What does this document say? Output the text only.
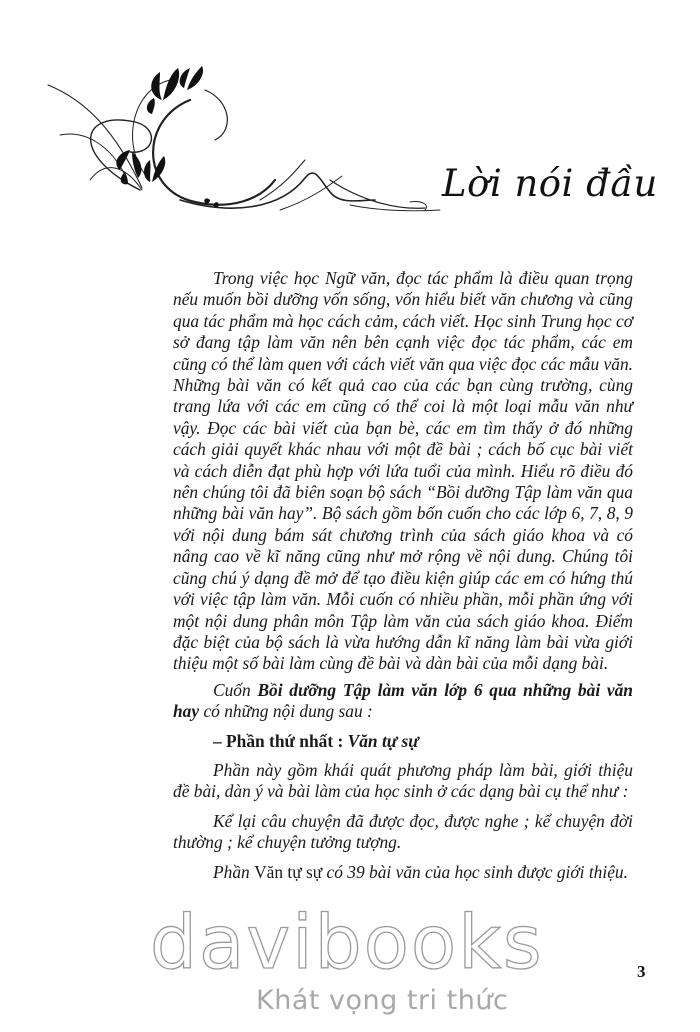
Lời nói đầu

Trong việc học Ngữ văn, đọc tác phẩm là điều quan trọng nếu muốn bồi dưỡng vốn sống, vốn hiểu biết văn chương và cũng qua tác phẩm mà học cách cảm, cách viết. Học sinh Trung học cơ sở đang tập làm văn nên bên cạnh việc đọc tác phẩm, các em cũng có thể làm quen với cách viết văn qua việc đọc các mẫu văn. Những bài văn có kết quả cao của các bạn cùng trường, cùng trang lứa với các em cũng có thể coi là một loại mẫu văn như vậy. Đọc các bài viết của bạn bè, các em tìm thấy ở đó những cách giải quyết khác nhau với một đề bài ; cách bố cục bài viết và cách diễn đạt phù hợp với lứa tuổi của mình. Hiểu rõ điều đó nên chúng tôi đã biên soạn bộ sách “Bồi dưỡng Tập làm văn qua những bài văn hay”. Bộ sách gồm bốn cuốn cho các lớp 6, 7, 8, 9 với nội dung bám sát chương trình của sách giáo khoa và có nâng cao về kĩ năng cũng như mở rộng về nội dung. Chúng tôi cũng chú ý dạng đề mở để tạo điều kiện giúp các em có hứng thú với việc tập làm văn. Mỗi cuốn có nhiều phần, mỗi phần ứng với một nội dung phân môn Tập làm văn của sách giáo khoa. Điểm đặc biệt của bộ sách là vừa hướng dẫn kĩ năng làm bài vừa giới thiệu một số bài làm cùng đề bài và dàn bài của mỗi dạng bài.

Cuốn Bồi dưỡng Tập làm văn lớp 6 qua những bài văn hay có những nội dung sau :

– Phần thứ nhất : Văn tự sự

Phần này gồm khái quát phương pháp làm bài, giới thiệu đề bài, dàn ý và bài làm của học sinh ở các dạng bài cụ thể như :

Kể lại câu chuyện đã được đọc, được nghe ; kể chuyện đời thường ; kể chuyện tưởng tượng.

Phần Văn tự sự có 39 bài văn của học sinh được giới thiệu.

3
davibooks
Khát vọng tri thức
